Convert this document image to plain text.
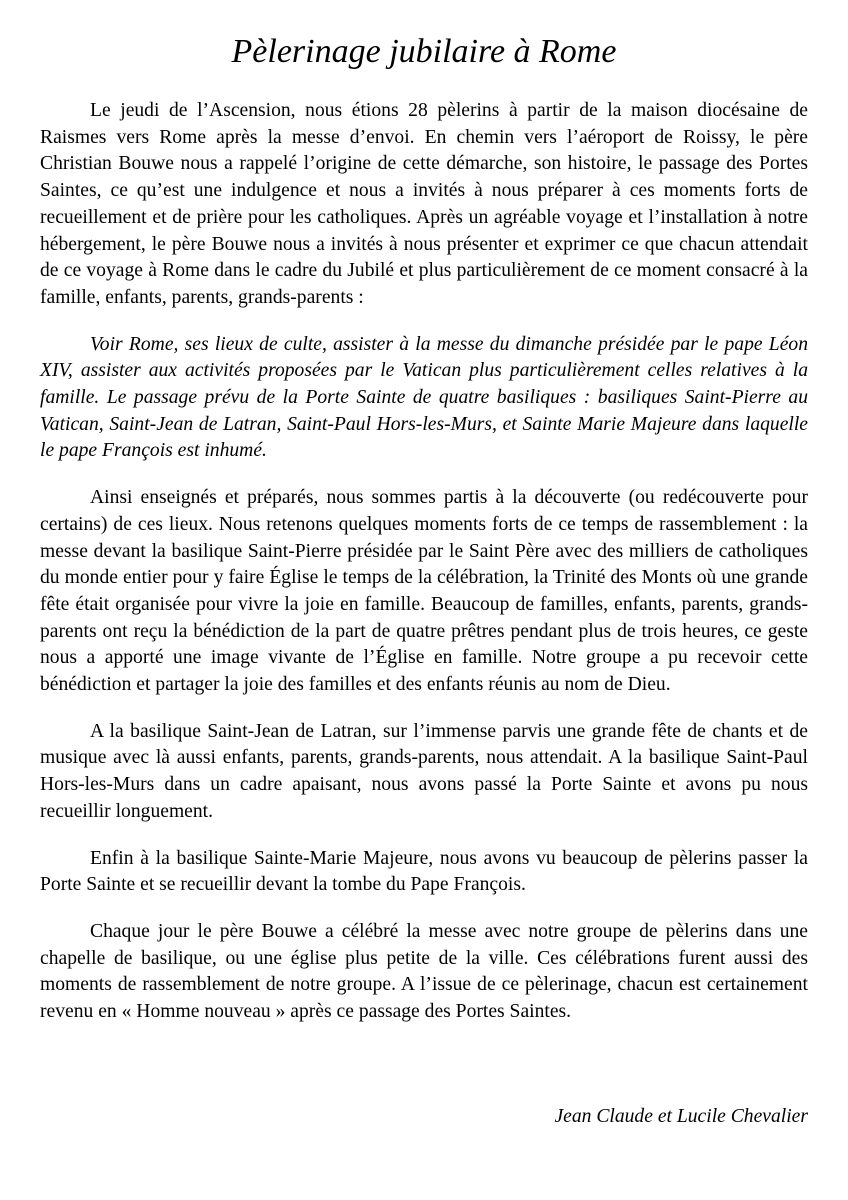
Pèlerinage jubilaire à Rome

Le jeudi de l’Ascension, nous étions 28 pèlerins à partir de la maison diocésaine de Raismes vers Rome après la messe d’envoi. En chemin vers l’aéroport de Roissy, le père Christian Bouwe nous a rappelé l’origine de cette démarche, son histoire, le passage des Portes Saintes, ce qu’est une indulgence et nous a invités à nous préparer à ces moments forts de recueillement et de prière pour les catholiques. Après un agréable voyage et l’installation à notre hébergement, le père Bouwe nous a invités à nous présenter et exprimer ce que chacun attendait de ce voyage à Rome dans le cadre du Jubilé et plus particulièrement de ce moment consacré à la famille, enfants, parents, grands-parents :

Voir Rome, ses lieux de culte, assister à la messe du dimanche présidée par le pape Léon XIV, assister aux activités proposées par le Vatican plus particulièrement celles relatives à la famille. Le passage prévu de la Porte Sainte de quatre basiliques : basiliques Saint-Pierre au Vatican, Saint-Jean de Latran, Saint-Paul Hors-les-Murs, et Sainte Marie Majeure dans laquelle le pape François est inhumé.

Ainsi enseignés et préparés, nous sommes partis à la découverte (ou redécouverte pour certains) de ces lieux. Nous retenons quelques moments forts de ce temps de rassemblement : la messe devant la basilique Saint-Pierre présidée par le Saint Père avec des milliers de catholiques du monde entier pour y faire Église le temps de la célébration, la Trinité des Monts où une grande fête était organisée pour vivre la joie en famille. Beaucoup de familles, enfants, parents, grands-parents ont reçu la bénédiction de la part de quatre prêtres pendant plus de trois heures, ce geste nous a apporté une image vivante de l’Église en famille. Notre groupe a pu recevoir cette bénédiction et partager la joie des familles et des enfants réunis au nom de Dieu.

A la basilique Saint-Jean de Latran, sur l’immense parvis une grande fête de chants et de musique avec là aussi enfants, parents, grands-parents, nous attendait. A la basilique Saint-Paul Hors-les-Murs dans un cadre apaisant, nous avons passé la Porte Sainte et avons pu nous recueillir longuement.

Enfin à la basilique Sainte-Marie Majeure, nous avons vu beaucoup de pèlerins passer la Porte Sainte et se recueillir devant la tombe du Pape François.

Chaque jour le père Bouwe a célébré la messe avec notre groupe de pèlerins dans une chapelle de basilique, ou une église plus petite de la ville. Ces célébrations furent aussi des moments de rassemblement de notre groupe. A l’issue de ce pèlerinage, chacun est certainement revenu en « Homme nouveau » après ce passage des Portes Saintes.

Jean Claude et Lucile Chevalier
